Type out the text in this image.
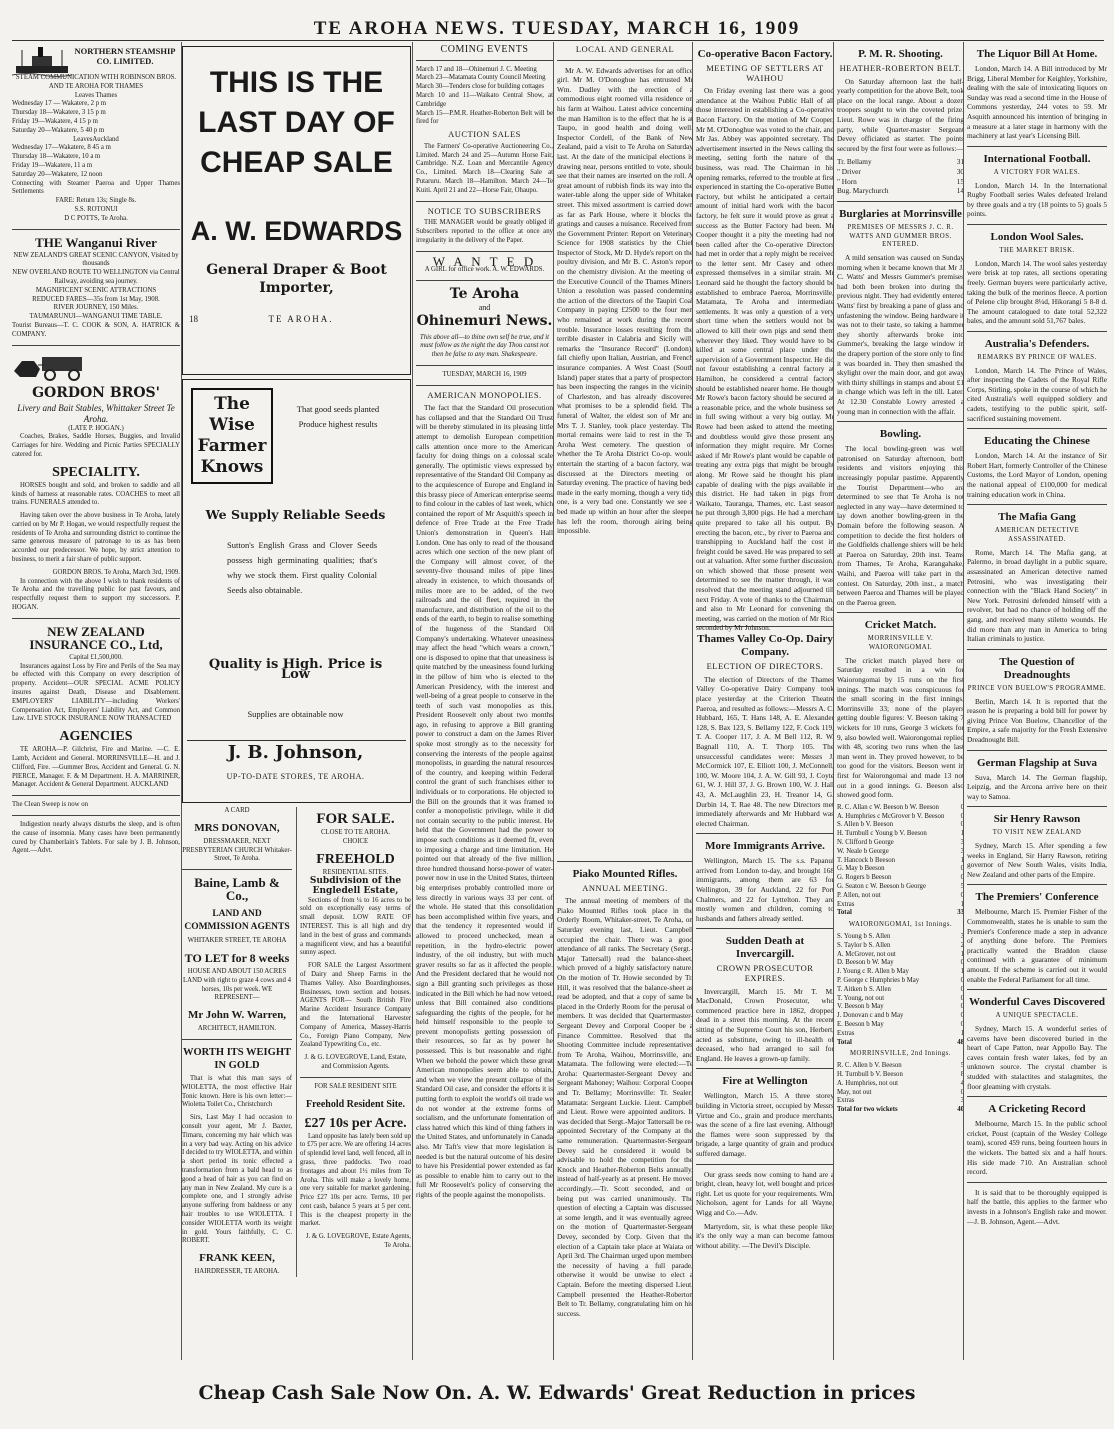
TE AROHA NEWS. TUESDAY, MARCH 16, 1909
NORTHERN STEAMSHIP CO. LIMITED.
STEAM COMMUNICATION WITH ROBINSON BROS. AND TE AROHA FOR THAMES
Leaves Thames
Wednesday 17 — Wakatere, 2 p m
Thursday 18—Wakatere, 3 15 p m
Friday 19—Wakatere, 4 15 p m
Saturday 20—Wakatere, 5 40 p m
LeavesAuckland
Wednesday 17—Wakatere, 8 45 a m
Thursday 18—Wakatere, 10 a m
Friday 19—Wakatere, 11 a m
Saturday 20—Wakatere, 12 noon
Connecting with Steamer Paeroa and Upper Thames Settlements
FARE: Return 13s; Single 8s.
S.S. ROTONUI
D C POTTS, Te Aroha.
THE Wanganui River
NEW ZEALAND'S GREAT SCENIC CANYON, Visited by thousands
NEW OVERLAND ROUTE TO WELLINGTON via Central Railway, avoiding sea journey.
MAGNIFICENT SCENIC ATTRACTIONS
REDUCED FARES—35s from 1st May, 1908.
RIVER JOURNEY, 150 Miles.
TAUMARUNUI—WANGANUI TIME TABLE.
Tourist Bureaus—T. C. COOK & SON, A. HATRICK & COMPANY.
GORDON BROS'
Livery and Bait Stables, Whittaker Street Te Aroha.
(LATE P. HOGAN.)
Coaches, Brakes, Saddle Horses, Buggies, and Invalid Carriages for hire. Wedding and Picnic Parties SPECIALLY catered for.
SPECIALITY.
HORSES bought and sold, and broken to saddle and all kinds of harness at reasonable rates. COACHES to meet all trains. FUNERALS attended to.
Having taken over the above business in Te Aroha, lately carried on by Mr P. Hogan, we would respectfully request the residents of Te Aroha and surrounding district to continue the same generous measure of patronage to us as has been accorded our predecessor. We hope, by strict attention to business, to merit a fair share of public support.
GORDON BROS. Te Aroha, March 3rd, 1909.
In connection with the above I wish to thank residents of Te Aroha and the travelling public for past favours, and respectfully request them to support my successors. P. HOGAN.
NEW ZEALAND INSURANCE CO., Ltd,
Capital £1,500,000.
Insurances against Loss by Fire and Perils of the Sea may be effected with this Company on every description of property. Accident—OUR SPECIAL ACME POLICY insures against Death, Disease and Disablement. EMPLOYERS' LIABILITY—including Workers' Compensation Act, Employers' Liability Act, and Common Law. LIVE STOCK INSURANCE NOW TRANSACTED
AGENCIES
TE AROHA—P. Gilchrist, Fire and Marine. —C. E. Lamb, Accident and General. MORRINSVILLE—H. and J. Clifford, Fire. —Gummer Bros, Accident and General. G. N. PIERCE, Manager. F. & M Department. H. A. MARRINER, Manager. Accident & General Department. AUCKLAND
The Clean Sweep is now on
Indigestion nearly always disturbs the sleep, and is often the cause of insomnia. Many cases have been permanently cured by Chamberlain's Tablets. For sale by J. B. Johnson, Agent.—Advt.
THIS IS THE
LAST DAY OF
CHEAP SALE
A. W. EDWARDS
General Draper & Boot Importer,
18	TE AROHA.
The
Wise
Farmer
Knows
That good seeds planted Produce highest results
We Supply Reliable Seeds
Sutton's English Grass and Clover Seeds possess high germinating qualities; that's why we stock them. First quality Colonial Seeds also obtainable.
Quality is High. Price is Low
Supplies are obtainable now
J. B. Johnson,
UP-TO-DATE STORES, TE AROHA.
A CARD
MRS DONOVAN,
DRESSMAKER, NEXT PRESBYTERIAN CHURCH Whitaker-Street, Te Aroha.
Baine, Lamb & Co.,
LAND AND COMMISSION AGENTS
WHITAKER STREET, TE AROHA
TO LET for 8 weeks
HOUSE AND ABOUT 150 ACRES LAND with right to graze 4 cows and 4 horses, 10s per week. WE REPRESENT—
Mr John W. Warren,
ARCHITECT, HAMILTON.
WORTH ITS WEIGHT IN GOLD
That is what this man says of WIOLETTA, the most effective Hair Tonic known. Here is his own letter:— Wioletta Toilet Co., Christchurch
Sirs, Last May I had occasion to consult your agent, Mr J. Baxter, Timaru, concerning my hair which was in a very bad way. Acting on his advice I decided to try WIOLETTA, and within a short period its tonic effected a transformation from a bald head to as good a head of hair as you can find on any man in New Zealand. My cure is a complete one, and I strongly advise anyone suffering from baldness or any hair troubles to use WIOLETTA. I consider WIOLETTA worth its weight in gold. Yours faithfully, C. C. ROBERT.
FRANK KEEN,
HAIRDRESSER, TE AROHA.
FOR SALE.
CLOSE TO TE AROHA.
CHOICE
FREEHOLD
RESIDENTIAL SITES.
Subdivision of the Engledell Estate,
Sections of from ¼ to 16 acres to be sold on exceptionally easy terms of small deposit. LOW RATE OF INTEREST. This is all high and dry land in the best of grass and commands a magnificent view, and has a beautiful sunny aspect.
FOR SALE the Largest Assortment of Dairy and Sheep Farms in the Thames Valley. Also Boardinghouses, Businesses, town section and houses. AGENTS FOR— South British Fire Marine Accident Insurance Company and the International Harvester Company of America, Massey-Harris Co., Foreign Piano Company, New Zealand Typewriting Co., etc.
J. & G. LOVEGROVE, Land, Estate, and Commission Agents.
FOR SALE RESIDENT SITE
Freehold Resident Site.
£27 10s per Acre.
Land opposite has lately been sold up to £75 per acre. We are offering 14 acres of splendid level land, well fenced, all in grass, three paddocks. Two road frontages and about 1½ miles from Te Aroha. This will make a lovely home, one very suitable for market gardening. Price £27 10s per acre. Terms, 10 per cent cash, balance 5 years at 5 per cent. This is the cheapest property in the market.
J. & G. LOVEGROVE, Estate Agents, Te Aroha.
COMING EVENTS
March 17 and 18—Ohinemuri J. C. Meeting
March 23—Matamata County Council Meeting
March 30—Tenders close for building cottages
March 10 and 11—Waikato Central Show, at Cambridge
March 15—P.M.R. Heather-Roberton Belt will be fired for
AUCTION SALES
The Farmers' Co-operative Auctioneering Co., Limited. March 24 and 25—Autumn Horse Fair, Cambridge. N.Z. Loan and Mercantile Agency Co., Limited. March 18—Clearing Sale at Putaruru. March 18—Hamilton. March 24—Te Kuiti. April 21 and 22—Horse Fair, Ohaupo.
NOTICE TO SUBSCRIBERS
THE MANAGER would be greatly obliged if Subscribers reported to the office at once any irregularity in the delivery of the Paper.
W A N T E D
A GIRL for office work. A. W. EDWARDS.
Te Aroha
and
Ohinemuri News.
This above all—to thine own self be true, and it must follow as the night the day Thou canst not then be false to any man. Shakespeare.
TUESDAY, MARCH 16, 1909
AMERICAN MONOPOLIES.
The fact that the Standard Oil prosecution has collapsed and that the Standard Oil Trust will be thereby stimulated in its pleasing little attempt to demolish European competition calls attention once more to the American faculty for doing things on a colossal scale generally. The optimistic views expressed by representative of the Standard Oil Company as to the acquiescence of Europe and England in this brassy piece of American enterprise seems to find colour in the cables of last week, which contained the report of Mr Asquith's speech in defence of Free Trade at the Free Trade Union's demonstration in Queen's Hall London. One has only to read of the thousand acres which one section of the new plant of the Company will almost cover, of the seventy-five thousand miles of pipe lines already in existence, to which thousands of miles more are to be added, of the two railroads and the oil fleet, required in the manufacture, and distribution of the oil to the ends of the earth, to begin to realise something of the hugeness of the Standard Oil Company's undertaking. Whatever uneasiness may affect the head "which wears a crown," one is disposed to opine that that uneasiness is quite matched by the uneasiness found lurking in the pillow of him who is elected to the American Presidency, with the interest and well-being of a great people to conserve in the teeth of such vast monopolies as this. President Roosevelt only about two months ago, in refusing to approve a Bill granting power to construct a dam on the James River spoke most strongly as to the necessity for conserving the interests of the people against monopolists, in guarding the natural resources of the country, and keeping within Federal control the grant of such franchises either to individuals or to corporations. He objected to the Bill on the grounds that it was framed to confer a monopolistic privilege, while it did not contain security to the public interest. He held that the Government had the power to impose such conditions as it deemed fit, even to imposing a charge and time limitation. He pointed out that already of the five million, three hundred thousand horse-power of water-power now in use in the United States, thirteen big enterprises probably controlled more or less directly in various ways 33 per cent. of the whole. He stated that this consolidation has been accomplished within five years, and that the tendency it represented would if allowed to proceed unchecked, mean a repetition, in the hydro-electric power industry, of the oil industry, but with much graver results so far as it affected the people. And the President declared that he would not sign a Bill granting such privileges as those indicated in the Bill which he had now vetoed, unless that Bill contained also conditions safeguarding the rights of the people, for he held himself responsible to the people to prevent monopolists getting possession of their resources, so far as by power he possessed. This is but reasonable and right. When we behold the power which these great American monopolies seem able to obtain, and when we view the present collapse of the Standard Oil case, and consider the efforts it is putting forth to exploit the world's oil trade we do not wonder at the extreme forms of socialism, and the unfortunate fomentation of class hatred which this kind of thing fathers in the United States, and unfortunately in Canada also. Mr Taft's view that more legislation is needed is but the natural outcome of his desire to have his Presidential power extended as far as possible to enable him to carry out to the full Mr Roosevelt's policy of conserving the rights of the people against the monopolists.
LOCAL AND GENERAL
Mr A. W. Edwards advertises for an office girl. Mr M. O'Donoghue has entrusted Mr Wm. Dudley with the erection of a commodious eight roomed villa residence on his farm at Waihou. Latest advice concerning the man Hamilton is to the effect that he is at Taupo, in good health and doing well. Inspector Cordell, of the Bank of New Zealand, paid a visit to Te Aroha on Saturday last. At the date of the municipal elections is drawing near, persons entitled to vote, should see that their names are inserted on the roll. A great amount of rubbish finds its way into the water-table along the upper side of Whitaker street. This mixed assortment is carried down as far as Park House, where it blocks the gratings and causes a nuisance. Received from the Government Printer: Report on Veterinary Science for 1908 statistics by the Chief Inspector of Stock, Mr D. Hyde's report on the poultry division, and Mr B. C. Aston's report on the chemistry division. At the meeting of the Executive Council of the Thames Miners' Union a resolution was passed condemning the action of the directors of the Taupiri Coal Company in paying £2500 to the four men who remained at work during the recent trouble. Insurance losses resulting from the terrible disaster in Calabria and Sicily will, remarks the "Insurance Record" (London), fall chiefly upon Italian, Austrian, and French insurance companies. A West Coast (South Island) paper states that a party of prospectors has been inspecting the ranges in the vicinity of Charleston, and has already discovered what promises to be a splendid field. The funeral of Walter, the eldest son of Mr and Mrs T. J. Stanley, took place yesterday. The mortal remains were laid to rest in the Te Aroha West cemetery. The question of whether the Te Aroha District Co-op. would entertain the starting of a bacon factory, was discussed at the Directors meeting on Saturday evening. The practice of having beds made in the early morning, though a very tidy one, is a very bad one. Constantly we see a bed made up within an hour after the sleeper has left the room, thorough airing being impossible.
Piako Mounted Rifles.
ANNUAL MEETING.
The annual meeting of members of the Piako Mounted Rifles took place in the Orderly Room, Whitaker-street, Te Aroha, on Saturday evening last, Lieut. Campbell occupied the chair. There was a good attendance of all ranks. The Secretary (Sergt.-Major Tattersall) read the balance-sheet, which proved of a highly satisfactory nature. On the motion of Tr. Howie seconded by Tr. Hill, it was resolved that the balance-sheet as read be adopted, and that a copy of same be placed in the Orderly Room for the perusal of members. It was decided that Quartermaster-Sergeant Devey and Corporal Cooper be a Finance Committee. Resolved that the Shooting Committee include representatives from Te Aroha, Waihou, Morrinsville, and Matamata. The following were elected:—Te Aroha: Quartermaster-Sergeant Devey and Sergeant Mahoney; Waihou: Corporal Cooper and Tr. Bellamy; Morrinsville: Tr. Sealer; Matamata: Sergeant Luckie. Lieut. Campbell and Lieut. Rowe were appointed auditors. It was decided that Sergt.-Major Tattersall be re-appointed Secretary of the Company at the same remuneration. Quartermaster-Sergeant Devey said he considered it would be advisable to hold the competition for the Knock and Heather-Roberton Belts annually, instead of half-yearly as at present. He moved accordingly.—Tr. Scott seconded, and on being put was carried unanimously. The question of electing a Captain was discussed at some length, and it was eventually agreed on the motion of Quartermaster-Sergeant Devey, seconded by Corp. Given that the election of a Captain take place at Waiata on April 3rd. The Chairman urged upon members the necessity of having a full parade, otherwise it would be unwise to elect a Captain. Before the meeting dispersed Lieut. Campbell presented the Heather-Roberton Belt to Tr. Bellamy, congratulating him on his success.
Co-operative Bacon Factory.
MEETING OF SETTLERS AT WAIHOU
On Friday evening last there was a good attendance at the Waihou Public Hall of all those interested in establishing a Co-operative Bacon Factory. On the motion of Mr Cooper, Mr M. O'Donoghue was voted to the chair, and Mr Jas. Abbey was appointed secretary. The advertisement inserted in the News calling the meeting, setting forth the nature of the business, was read. The Chairman in his opening remarks, referred to the trouble at first experienced in starting the Co-operative Butter Factory, but whilst he anticipated a certain amount of initial hard work with the bacon factory, he felt sure it would prove as great a success as the Butter Factory had been. Mr Cooper thought it a pity the meeting had not been called after the Co-operative Directors had met in order that a reply might be received to the letter sent. Mr Casey and others expressed themselves in a similar strain. Mr Leonard said he thought the factory should be established to embrace Paeroa, Morrinsville, Matamata, Te Aroha and intermediate settlements. It was only a question of a very short time when the settlers would not be allowed to kill their own pigs and send them wherever they liked. They would have to be killed at some central place under the supervision of a Government Inspector. He did not favour establishing a central factory at Hamilton, he considered a central factory should be established nearer home. He thought Mr Rowe's bacon factory should be secured at a reasonable price, and the whole business set in full swing without a very big outlay. Mr Rowe had been asked to attend the meeting, and doubtless would give those present any information they might require. Mr Cornes asked if Mr Rowe's plant would be capable of treating any extra pigs that might be brought along. Mr Rowe said he thought his plant capable of dealing with the pigs available in this district. He had taken in pigs from Waikato, Tauranga, Thames, etc. Last season he put through 3,800 pigs. He had a merchant quite prepared to take all his output. By erecting the bacon, etc., by river to Paeroa and transhipping to Auckland half the cost in freight could be saved. He was prepared to sell out at valuation. After some further discussion, on which showed that those present were determined to see the matter through, it was resolved that the meeting stand adjourned till next Friday. A vote of thanks to the Chairman, and also to Mr Leonard for convening the meeting, was carried on the motion of Mr Rice seconded by Mr Johnson.
Thames Valley Co-Op. Dairy Company.
ELECTION OF DIRECTORS.
The election of Directors of the Thames Valley Co-operative Dairy Company took place yesterday at the Criterion Theatre Paeroa, and resulted as follows:—Messrs A. C. Hubbard, 165, T. Hans 148, A. E. Alexander 128, S. Bax 123, S. Bellamy 122, F. Cock 119, T. A. Cooper 117, J. A. M Bell 112, R. W. Bagnall 110, A. T. Thorp 105. The unsuccessful candidates were: Messrs J. McCormick 107, E. Elliott 100, J. McConnell, 100, W. Moore 104, J. A. W. Gill 93, J. Coyte 61, W. J. Hill 37, J. G. Brown 100, W. J. Hall 43, A. McLaughlin 23, H. Treanor 14, G. Durbin 14, T. Rae 48. The new Directors met immediately afterwards and Mr Hubbard was elected Chairman.
More Immigrants Arrive.
Wellington, March 15. The s.s. Papanui arrived from London to-day, and brought 168 immigrants, among them are 63 for Wellington, 39 for Auckland, 22 for Port Chalmers, and 22 for Lyttelton. They are mostly women and children, coming to husbands and fathers already settled.
Sudden Death at Invercargill.
CROWN PROSECUTOR EXPIRES.
Invercargill, March 15. Mr T. M. MacDonald, Crown Prosecutor, who commenced practice here in 1862, dropped dead in a street this morning. At the recent sitting of the Supreme Court his son, Herbert, acted as substitute, owing to ill-health of deceased, who had arranged to sail for England. He leaves a grown-up family.
Fire at Wellington
Wellington, March 15. A three storey building in Victoria street, occupied by Messrs Virtue and Co., grain and produce merchants, was the scene of a fire last evening. Although the flames were soon suppressed by the brigade, a large quantity of grain and produce suffered damage.
Our grass seeds now coming to hand are a bright, clean, heavy lot, well bought and prices right. Let us quote for your requirements. Wm. Nicholson, agent for Lands for all Wayne, Wigg and Co.—Adv.
Martyrdom, sir, is what these people like; it's the only way a man can become famous without ability. —The Devil's Disciple.
P. M. R. Shooting.
HEATHER-ROBERTON BELT.
On Saturday afternoon last the half-yearly competition for the above Belt, took place on the local range. About a dozen troopers sought to win the coveted prize. Lieut. Rowe was in charge of the firing party, while Quarter-master Sergeant Devey officiated as starter. The points secured by the first four were as follows:—
Tr. Bellamy	31
" Driver	30
" Horn	15
Bug. Marychurch	14
Burglaries at Morrinsville
PREMISES OF MESSRS J. C. R. WATTS AND GUMMER BROS. ENTERED.
A mild sensation was caused on Sunday morning when it became known that Mr J. C. Watts' and Messrs Gummer's premises had both been broken into during the previous night. They had evidently entered Watts' first by breaking a pane of glass and unfastening the window. Being hardware it was not to their taste, so taking a hammer they shortly afterwards broke into Gummer's, breaking the large window in the drapery portion of the store only to find it was boarded in. They then smashed the skylight over the main door, and got away with thirty shillings in stamps and about £1 in change which was left in the till. Later. At 12.30 Constable Lowry arrested a young man in connection with the affair.
Bowling.
The local bowling-green was well patronised on Saturday afternoon, both residents and visitors enjoying this increasingly popular pastime. Apparently the Tourist Department—who are determined to see that Te Aroha is not neglected in any way—have determined to lay down another bowling-green in the Domain before the following season. A competition to decide the first holders of the Goldfields challenge shiers will be held at Paeroa on Saturday, 20th inst. Teams from Thames, Te Aroha, Karangahake, Waihi, and Paeroa will take part in the contest. On Saturday, 20th inst., a match between Paeroa and Thames will be played on the Paeroa green.
Cricket Match.
MORRINSVILLE V. WAIORONGOMAI.
The cricket match played here on Saturday resulted in a win for Waiorongomai by 15 runs on the first innings. The match was conspicuous for the small scoring in the first innings, Morrinsville 33; none of the players getting double figures: V. Beeson taking 7 wickets for 10 runs, George 3 wickets for 9, also bowled well. Waiorongomai replied with 48, scoring two runs when the last man went in. They proved however, to be too good for the visitors. Beeson went in first for Waiorongomai and made 13 not out in a good innings. G. Beeson also showed good form.
R. C. Allan c W. Beeson b W. Beeson	0
A. Humphries c McGrover b V. Beeson	0
S. Allen b V. Beeson	0
H. Turnbull c Young b V. Beeson	1
N. Clifford b George	3
W. Neale b George	3
T. Hancock b Beeson	1
G. May b Beeson	0
G. Rogers b Beeson	0
G. Seaton c W. Beeson b George	5
P. Allen, not out	0
Extras	1
Total	33
WAIORONGOMAI, 1st Innings.
S. Young b S. Allen	3
S. Taylor b S. Allen	2
A. McGrover, not out	1
D. Beeson b W. May	0
J. Young c R. Allen b May	1
P. George c Humphries b May	0
T. Aitken b S. Allen	0
T. Young, not out	0
V. Beeson b May	0
J. Donovan c and b May	0
E. Beeson b May	0
Extras	1
Total	48
MORRINSVILLE, 2nd Innings.
R. C. Allen b V. Beeson	5
H. Turnbull b V. Beeson	8
A. Humphries, not out	4
May, not out	0
Extras	3
Total for two wickets	40
The Liquor Bill At Home.
London, March 14. A Bill introduced by Mr Brigg, Liberal Member for Keighley, Yorkshire, dealing with the sale of intoxicating liquors on Sunday was read a second time in the House of Commons yesterday, 244 votes to 59. Mr Asquith announced his intention of bringing in a measure at a later stage in harmony with the machinery at last year's Licensing Bill.
International Football.
A VICTORY FOR WALES.
London, March 14. In the International Rugby Football series Wales defeated Ireland by three goals and a try (18 points to 5) goals 5 points.
London Wool Sales.
THE MARKET BRISK.
London, March 14. The wool sales yesterday were brisk at top rates, all sections operating freely. German buyers were particularly active, taking the bulk of the merinos fleece. A portion of Pelene clip brought 8¼d, Hikorangi 5 8-8 d. The amount catalogued to date total 52,322 bales, and the amount sold 51,767 bales.
Australia's Defenders.
REMARKS BY PRINCE OF WALES.
London, March 14. The Prince of Wales, after inspecting the Cadets of the Royal Rifle Corps, Stirling, spoke in the course of which he cited Australia's well equipped soldiery and cadets, testifying to the public spirit, self-sacrificed sustaining movement.
Educating the Chinese
London, March 14. At the instance of Sir Robert Hart, formerly Controller of the Chinese Customs, the Lord Mayor of London, opening the national appeal of £100,000 for medical training education work in China.
The Mafia Gang
AMERICAN DETECTIVE ASSASSINATED.
Rome, March 14. The Mafia gang, at Palermo, in broad daylight in a public square, assassinated an American detective named Petrosini, who was investigating their connection with the "Black Hand Society" in New York. Petrosini defended himself with a revolver, but had no chance of holding off the gang, and received many stiletto wounds. He did more than any man in America to bring Italian criminals to justice.
The Question of Dreadnoughts
PRINCE VON BUELOW'S PROGRAMME.
Berlin, March 14. It is reported that the reason he is preparing a bold bill for power by giving Prince Von Buelow, Chancellor of the Empire, a safe majority for the Fresh Extensive Dreadnought Bill.
German Flagship at Suva
Suva, March 14. The German flagship, Leipzig, and the Arcona arrive here on their way to Samoa.
Sir Henry Rawson
TO VISIT NEW ZEALAND
Sydney, March 15. After spending a few weeks in England, Sir Harry Rawson, retiring governor of New South Wales, visits India, New Zealand and other parts of the Empire.
The Premiers' Conference
Melbourne, March 15. Premier Fisher of the Commonwealth, states he is unable to sum the Premier's Conference made a step in advance of anything done before. The Premiers practically wanted the Braddon clause continued with a guarantee of minimum amount. If the scheme is carried out it would enable the Federal Parliament for all time.
Wonderful Caves Discovered
A UNIQUE SPECTACLE.
Sydney, March 15. A wonderful series of caverns have been discovered buried in the heart of Cape Patton, near Appollo Bay. The caves contain fresh water lakes, fed by an unknown source. The crystal chamber is studded with stalactites and stalagmites, the floor gleaming with crystals.
A Cricketing Record
Melbourne, March 15. In the public school cricket, Poust (captain of the Wesley College team), scored 459 runs, being fourteen hours in the wickets. The batted six and a half hours. His side made 710. An Australian school record.
It is said that to be thoroughly equipped is half the battle, this applies to the farmer who invests in a Johnson's English rake and mower. —J. B. Johnson, Agent.—Advt.
Cheap Cash Sale Now On. A. W. Edwards' Great Reduction in prices
